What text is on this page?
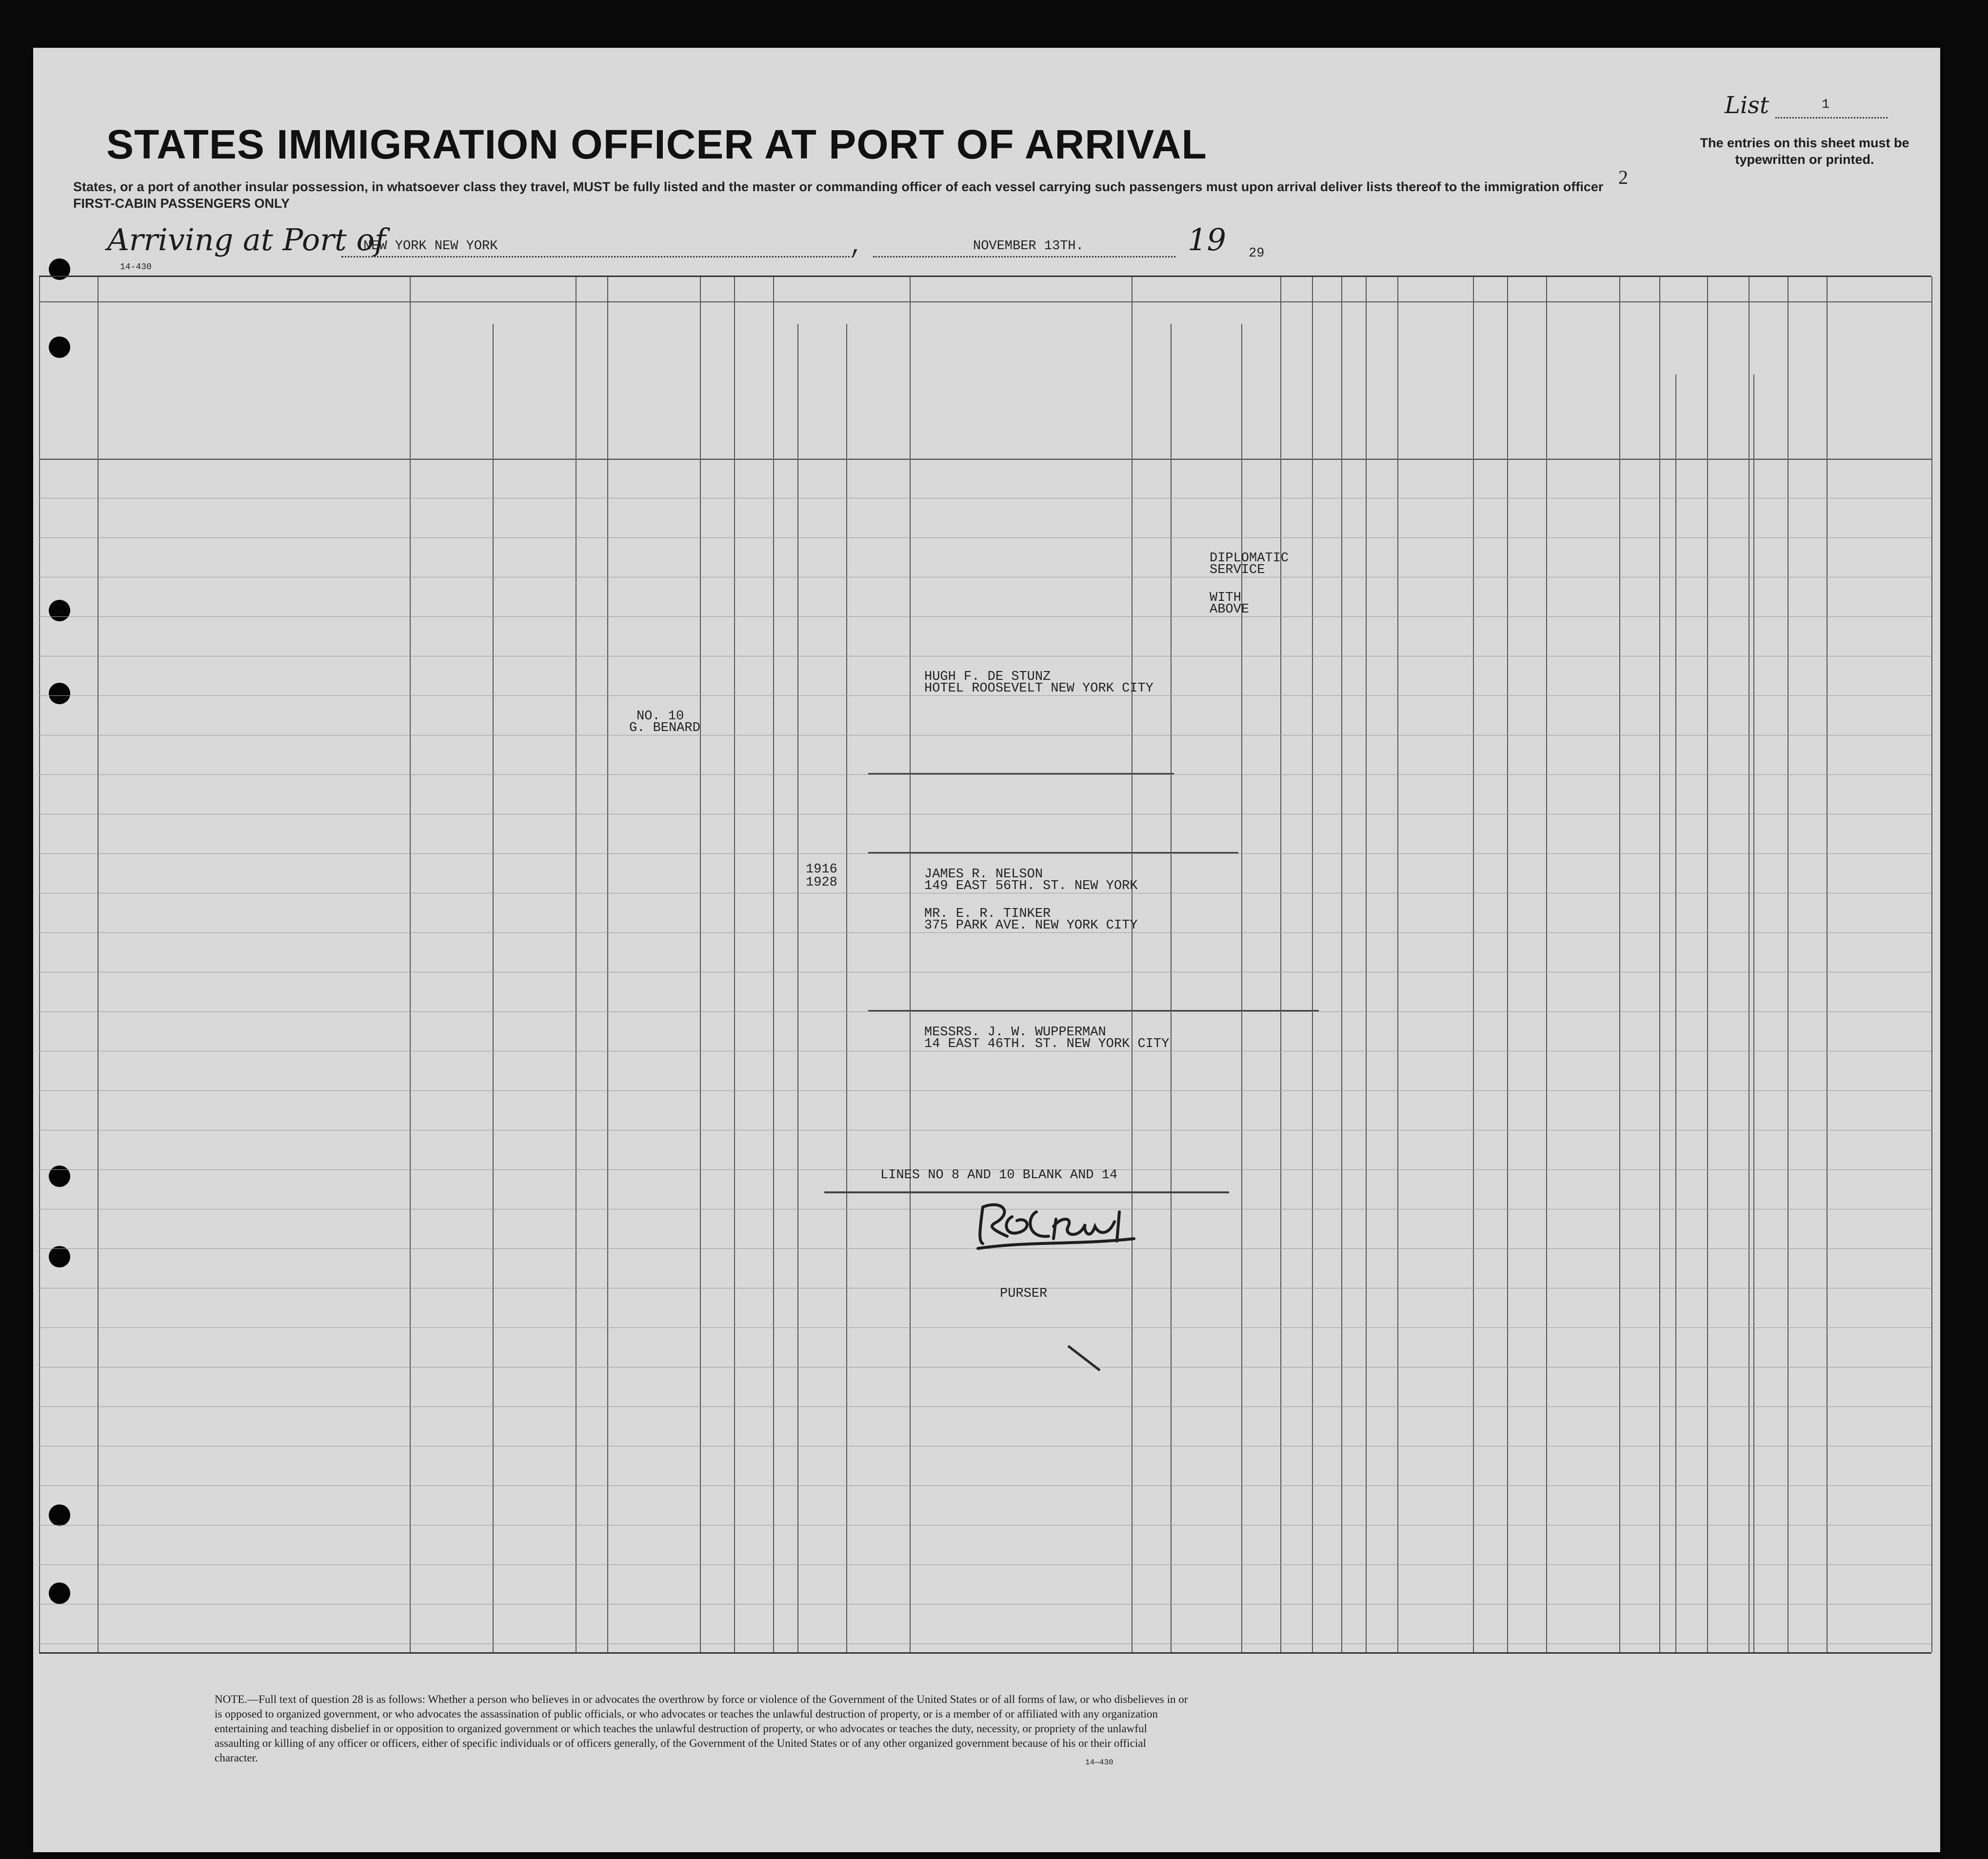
STATES IMMIGRATION OFFICER AT PORT OF ARRIVAL
States, or a port of another insular possession, in whatsoever class they travel, MUST be fully listed and the master or commanding officer of each vessel carrying such passengers must upon arrival deliver lists thereof to the immigration officer
FIRST-CABIN PASSENGERS ONLY
14-430
Arriving at Port of
NEW YORK NEW YORK	,	NOVEMBER 13TH.	19 29
List	1
The entries on this sheet must be typewritten or printed.
2
DIPLOMATIC
SERVICE
WITH
ABOVE
HUGH F. DE STUNZ
HOTEL ROOSEVELT NEW YORK CITY
NO. 10
G. BENARD
1916
1928
JAMES R. NELSON
149 EAST 56TH. ST. NEW YORK
MR. E. R. TINKER
375 PARK AVE. NEW YORK CITY
MESSRS. J. W. WUPPERMAN
14 EAST 46TH. ST. NEW YORK CITY
LINES NO 8 AND 10 BLANK AND 14
PURSER
NOTE.—Full text of question 28 is as follows: Whether a person who believes in or advocates the overthrow by force or violence of the Government of the United States or of all forms of law, or who disbelieves in or is opposed to organized government, or who advocates the assassination of public officials, or who advocates or teaches the unlawful destruction of property, or is a member of or affiliated with any organization entertaining and teaching disbelief in or opposition to organized government or which teaches the unlawful destruction of property, or who advocates or teaches the duty, necessity, or propriety of the unlawful assaulting or killing of any officer or officers, either of specific individuals or of officers generally, of the Government of the United States or of any other organized government because of his or their official character.	14—430
